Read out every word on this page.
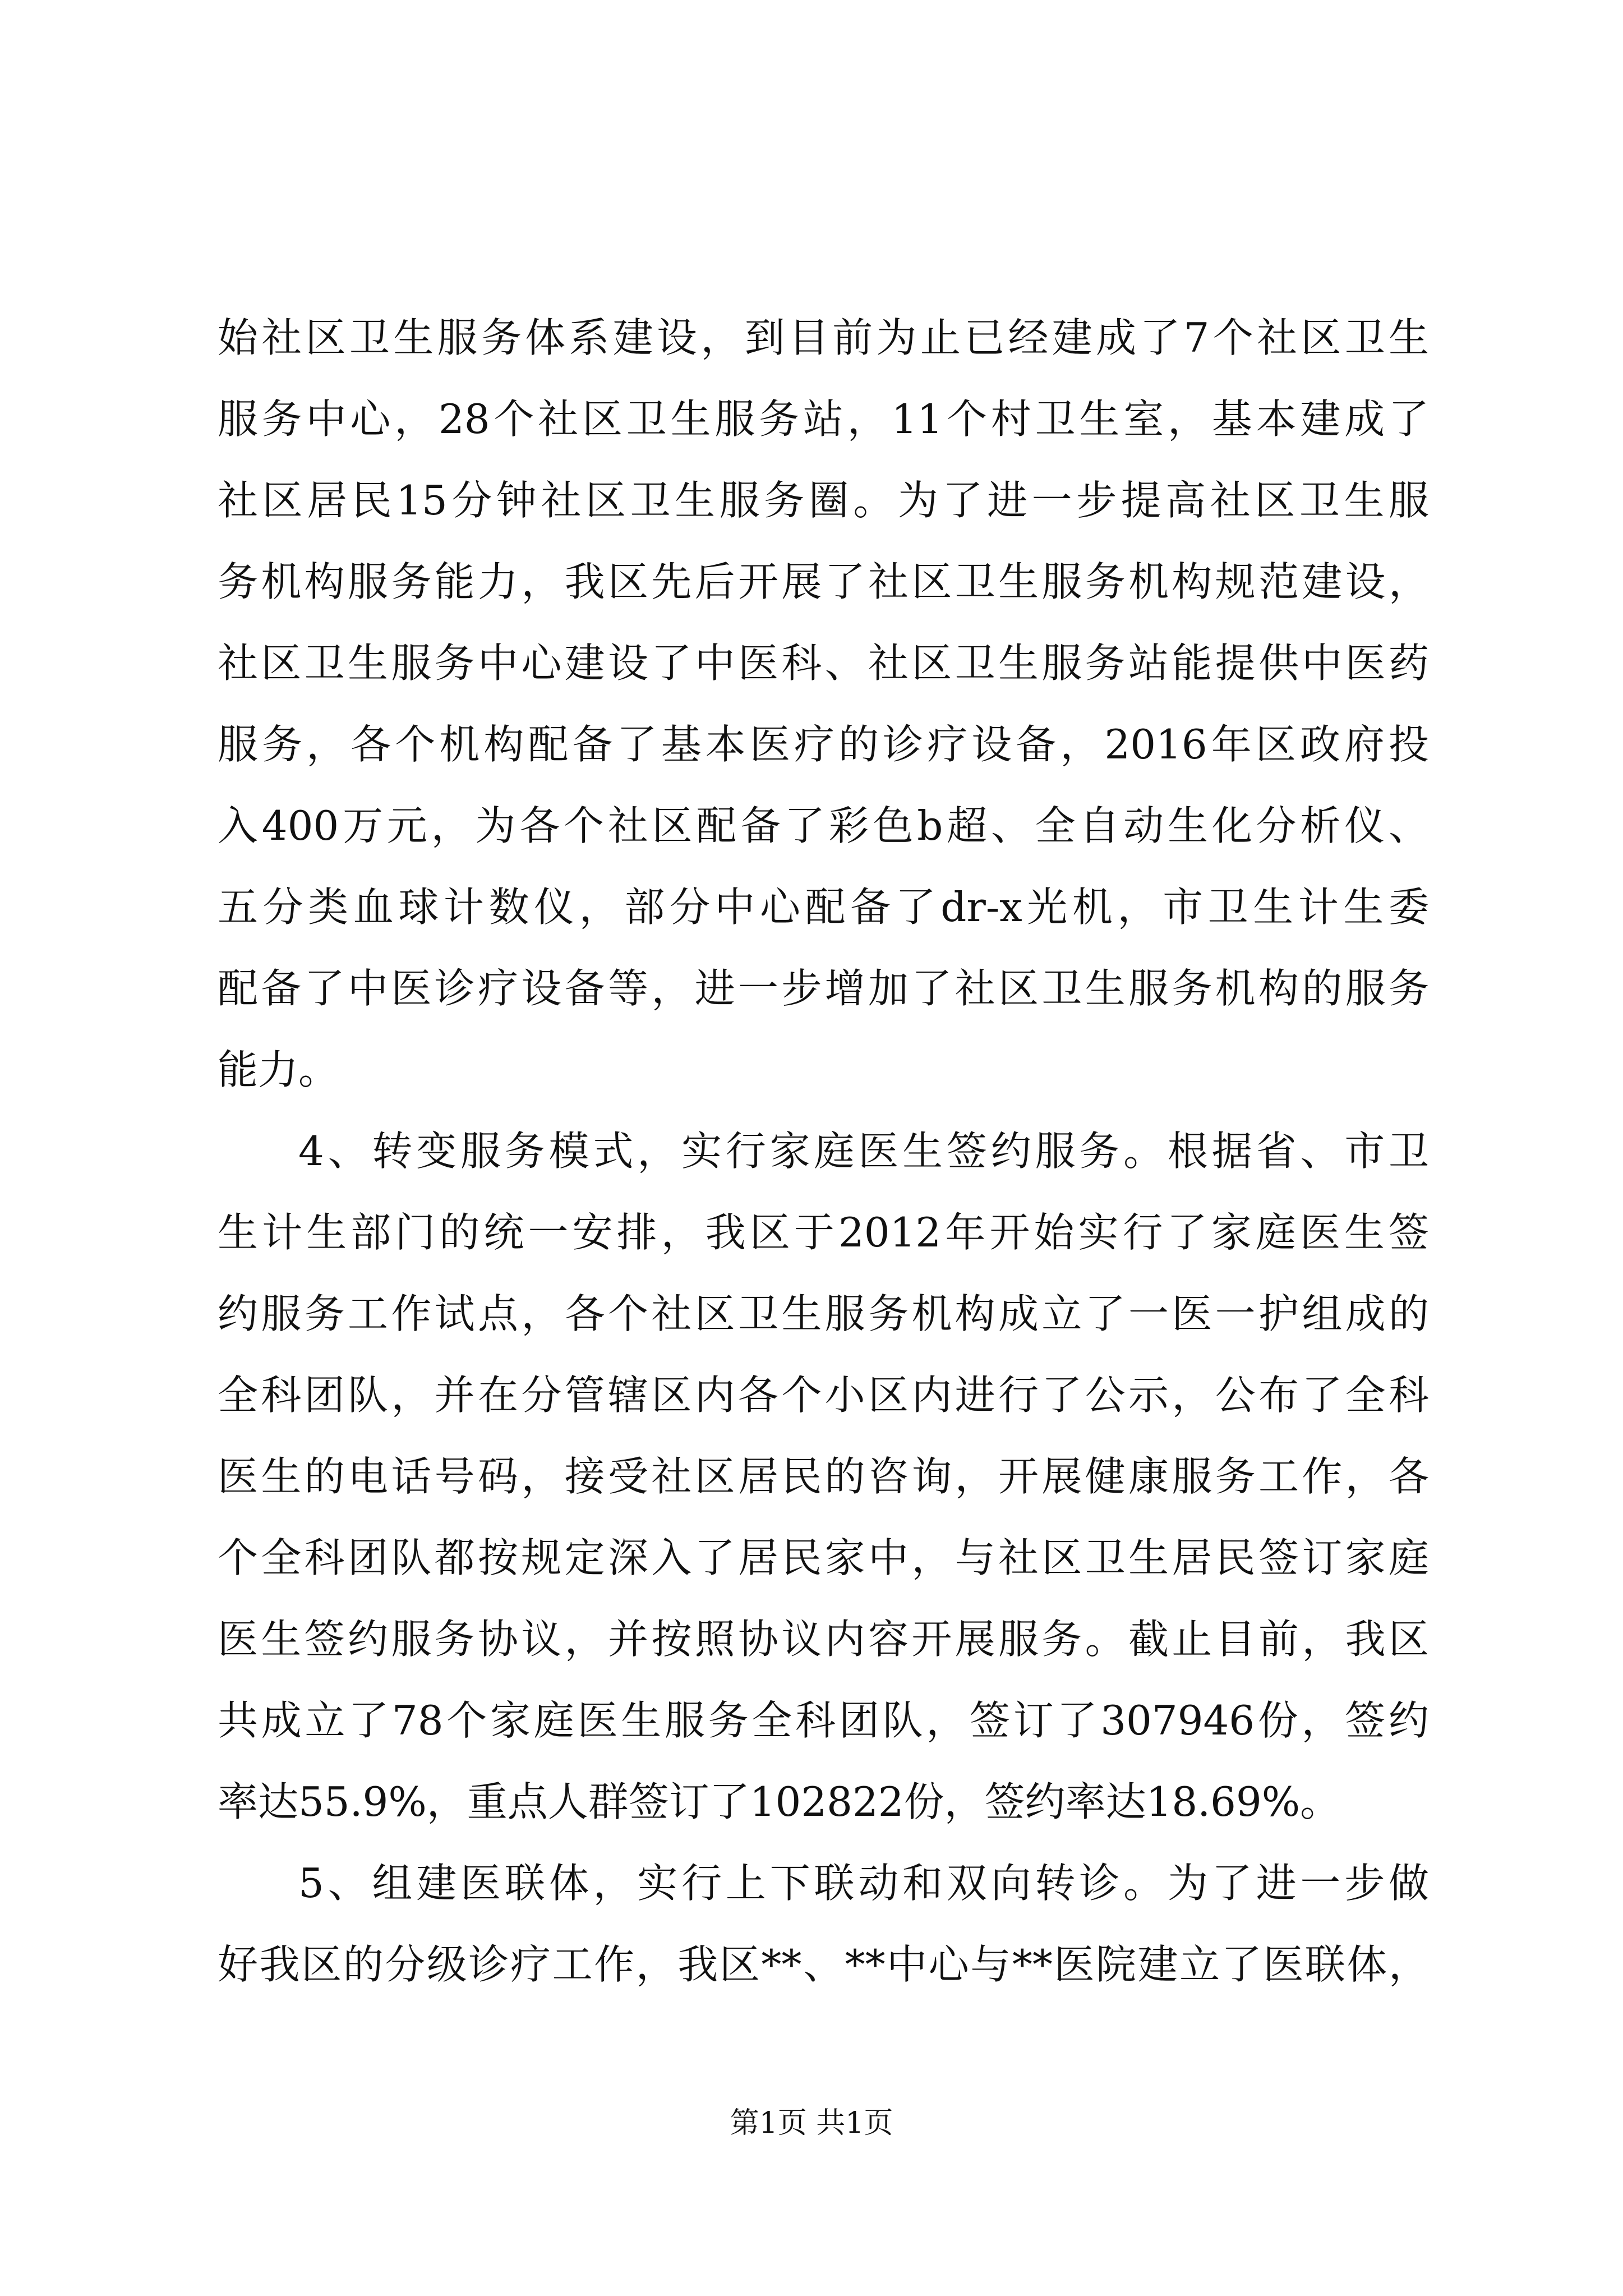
始社区卫生服务体系建设，到目前为止已经建成了7个社区卫生
服务中心，28个社区卫生服务站，11个村卫生室，基本建成了
社区居民15分钟社区卫生服务圈。为了进一步提高社区卫生服
务机构服务能力，我区先后开展了社区卫生服务机构规范建设，
社区卫生服务中心建设了中医科、社区卫生服务站能提供中医药
服务，各个机构配备了基本医疗的诊疗设备，2016年区政府投
入400万元，为各个社区配备了彩色b超、全自动生化分析仪、
五分类血球计数仪，部分中心配备了dr-x光机，市卫生计生委
配备了中医诊疗设备等，进一步增加了社区卫生服务机构的服务
能力。
4、转变服务模式，实行家庭医生签约服务。根据省、市卫
生计生部门的统一安排，我区于2012年开始实行了家庭医生签
约服务工作试点，各个社区卫生服务机构成立了一医一护组成的
全科团队，并在分管辖区内各个小区内进行了公示，公布了全科
医生的电话号码，接受社区居民的咨询，开展健康服务工作，各
个全科团队都按规定深入了居民家中，与社区卫生居民签订家庭
医生签约服务协议，并按照协议内容开展服务。截止目前，我区
共成立了78个家庭医生服务全科团队，签订了307946份，签约
率达55.9%，重点人群签订了102822份，签约率达18.69%。
5、组建医联体，实行上下联动和双向转诊。为了进一步做
好我区的分级诊疗工作，我区**、**中心与**医院建立了医联体，
第1页 共1页
